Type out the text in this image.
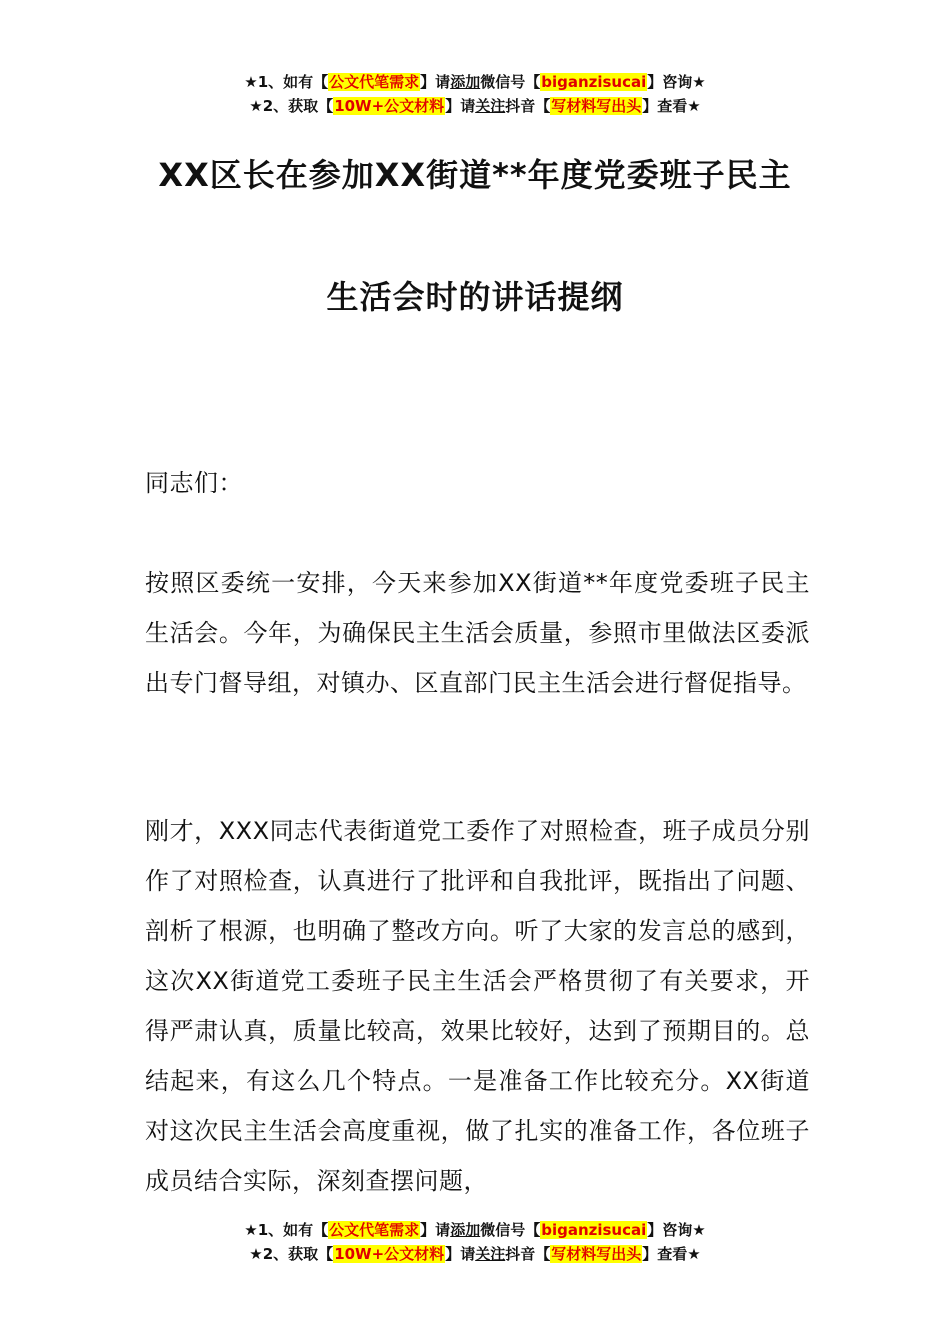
★1、如有【公文代笔需求】请添加微信号【biganzisucai】咨询★
★2、获取【10W+公文材料】请关注抖音【写材料写出头】查看★
XX区长在参加XX街道**年度党委班子民主
生活会时的讲话提纲
同志们：
按照区委统一安排，今天来参加XX街道**年度党委班子民主生活会。今年，为确保民主生活会质量，参照市里做法区委派出专门督导组，对镇办、区直部门民主生活会进行督促指导。
刚才，XXX同志代表街道党工委作了对照检查，班子成员分别作了对照检查，认真进行了批评和自我批评，既指出了问题、剖析了根源，也明确了整改方向。听了大家的发言总的感到，这次XX街道党工委班子民主生活会严格贯彻了有关要求，开得严肃认真，质量比较高，效果比较好，达到了预期目的。总结起来，有这么几个特点。一是准备工作比较充分。XX街道对这次民主生活会高度重视，做了扎实的准备工作，各位班子成员结合实际，深刻查摆问题，
★1、如有【公文代笔需求】请添加微信号【biganzisucai】咨询★
★2、获取【10W+公文材料】请关注抖音【写材料写出头】查看★
